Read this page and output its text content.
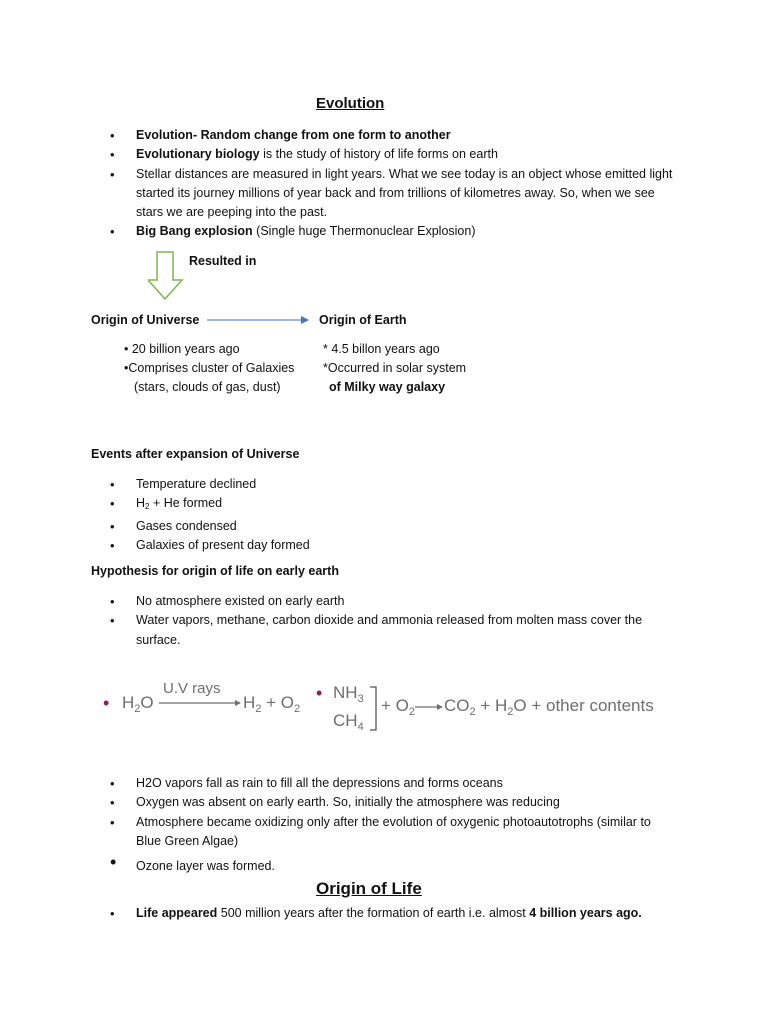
Evolution
• Evolution- Random change from one form to another
• Evolutionary biology is the study of history of life forms on earth
• Stellar distances are measured in light years. What we see today is an object whose emitted light started its journey millions of year back and from trillions of kilometres away. So, when we see stars we are peeping into the past.
• Big Bang explosion (Single huge Thermonuclear Explosion)
Resulted in
Origin of Universe	Origin of Earth
• 20 billion years ago
•Comprises cluster of Galaxies
(stars, clouds of gas, dust)
* 4.5 billon years ago
*Occurred in solar system
of Milky way galaxy
Events after expansion of Universe
• Temperature declined
• $H_2 + He$ formed
• Gases condensed
• Galaxies of present day formed
Hypothesis for origin of life on early earth
• No atmosphere existed on early earth
• Water vapors, methane, carbon dioxide and ammonia released from molten mass cover the surface.
• $H_2O$
U.V rays
$H_2 + O_2$
• $NH_3$
$CH_4$
+ $O_2$ $CO_2 + H_2O$ + other contents
• H2O vapors fall as rain to fill all the depressions and forms oceans
• Oxygen was absent on early earth. So, initially the atmosphere was reducing
• Atmosphere became oxidizing only after the evolution of oxygenic photoautotrophs (similar to Blue Green Algae)
• Ozone layer was formed.
Origin of Life
• Life appeared 500 million years after the formation of earth i.e. almost 4 billion years ago.
